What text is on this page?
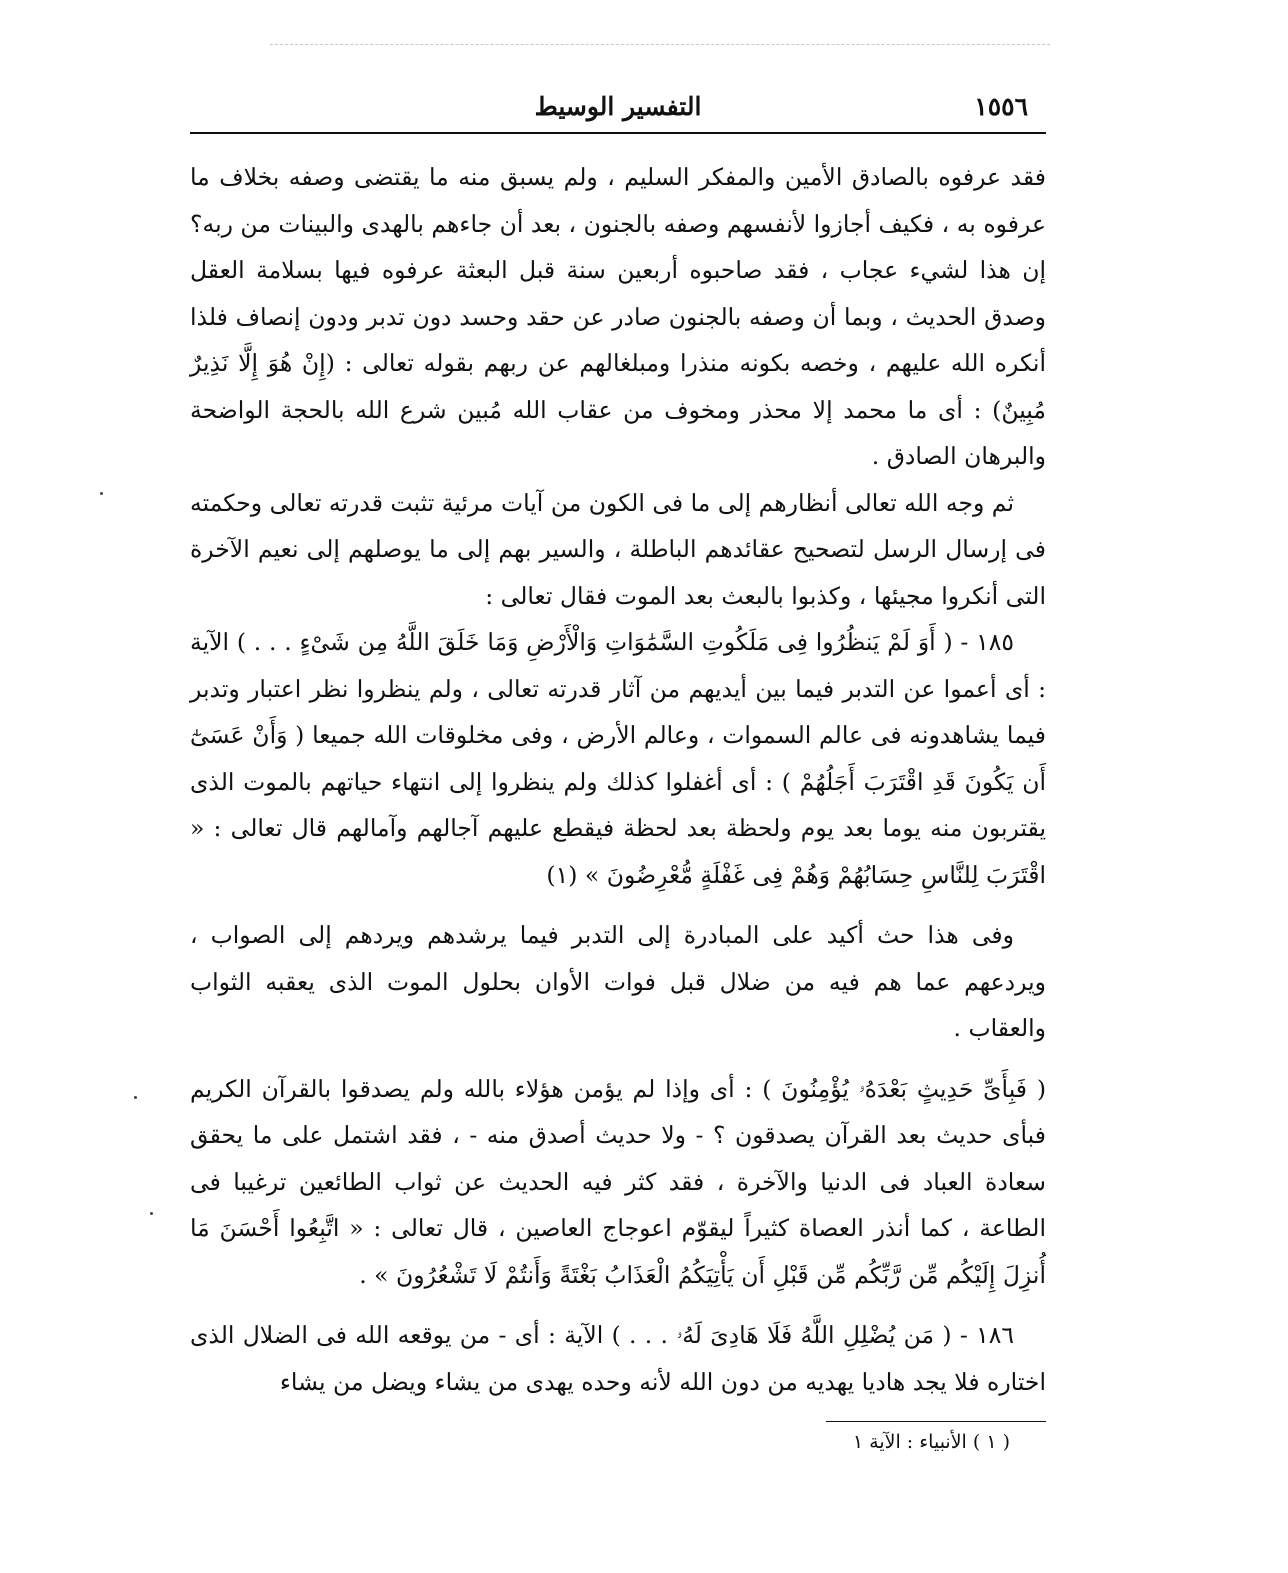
التفسير الوسيط	١٥٥٦

فقد عرفوه بالصادق الأمين والمفكر السليم ، ولم يسبق منه ما يقتضى وصفه بخلاف ما عرفوه به ، فكيف أجازوا لأنفسهم وصفه بالجنون ، بعد أن جاءهم بالهدى والبينات من ربه؟ إن هذا لشيء عجاب ، فقد صاحبوه أربعين سنة قبل البعثة عرفوه فيها بسلامة العقل وصدق الحديث ، وبما أن وصفه بالجنون صادر عن حقد وحسد دون تدبر ودون إنصاف فلذا أنكره الله عليهم ، وخصه بكونه منذرا ومبلغالهم عن ربهم بقوله تعالى : (إِنْ هُوَ إِلَّا نَذِيرٌ مُبِينٌ) : أى ما محمد إلا محذر ومخوف من عقاب الله مُبين شرع الله بالحجة الواضحة والبرهان الصادق .

ثم وجه الله تعالى أنظارهم إلى ما فى الكون من آيات مرئية تثبت قدرته تعالى وحكمته فى إرسال الرسل لتصحيح عقائدهم الباطلة ، والسير بهم إلى ما يوصلهم إلى نعيم الآخرة التى أنكروا مجيئها ، وكذبوا بالبعث بعد الموت فقال تعالى :

١٨٥ - ( أَوَ لَمْ يَنظُرُوا فِى مَلَكُوتِ السَّمَٰوَاتِ وَالْأَرْضِ وَمَا خَلَقَ اللَّهُ مِن شَىْءٍ . . . ) الآية : أى أعموا عن التدبر فيما بين أيديهم من آثار قدرته تعالى ، ولم ينظروا نظر اعتبار وتدبر فيما يشاهدونه فى عالم السموات ، وعالم الأرض ، وفى مخلوقات الله جميعا ( وَأَنْ عَسَىٰٓ أَن يَكُونَ قَدِ اقْتَرَبَ أَجَلُهُمْ ) : أى أغفلوا كذلك ولم ينظروا إلى انتهاء حياتهم بالموت الذى يقتربون منه يوما بعد يوم ولحظة بعد لحظة فيقطع عليهم آجالهم وآمالهم قال تعالى : « اقْتَرَبَ لِلنَّاسِ حِسَابُهُمْ وَهُمْ فِى غَفْلَةٍ مُّعْرِضُونَ » (١)

وفى هذا حث أكيد على المبادرة إلى التدبر فيما يرشدهم ويردهم إلى الصواب ، ويردعهم عما هم فيه من ضلال قبل فوات الأوان بحلول الموت الذى يعقبه الثواب والعقاب .

( فَبِأَىِّ حَدِيثٍ بَعْدَهُۥ يُؤْمِنُونَ ) : أى وإذا لم يؤمن هؤلاء بالله ولم يصدقوا بالقرآن الكريم فبأى حديث بعد القرآن يصدقون ؟ - ولا حديث أصدق منه - ، فقد اشتمل على ما يحقق سعادة العباد فى الدنيا والآخرة ، فقد كثر فيه الحديث عن ثواب الطائعين ترغيبا فى الطاعة ، كما أنذر العصاة كثيراً ليقوّم اعوجاج العاصين ، قال تعالى : « اتَّبِعُوا أَحْسَنَ مَا أُنزِلَ إِلَيْكُم مِّن رَّبِّكُم مِّن قَبْلِ أَن يَأْتِيَكُمُ الْعَذَابُ بَغْتَةً وَأَنتُمْ لَا تَشْعُرُونَ » .

١٨٦ - ( مَن يُضْلِلِ اللَّهُ فَلَا هَادِىَ لَهُۥ . . . ) الآية : أى - من يوقعه الله فى الضلال الذى اختاره فلا يجد هاديا يهديه من دون الله لأنه وحده يهدى من يشاء ويضل من يشاء

( ١ ) الأنبياء : الآية ١
